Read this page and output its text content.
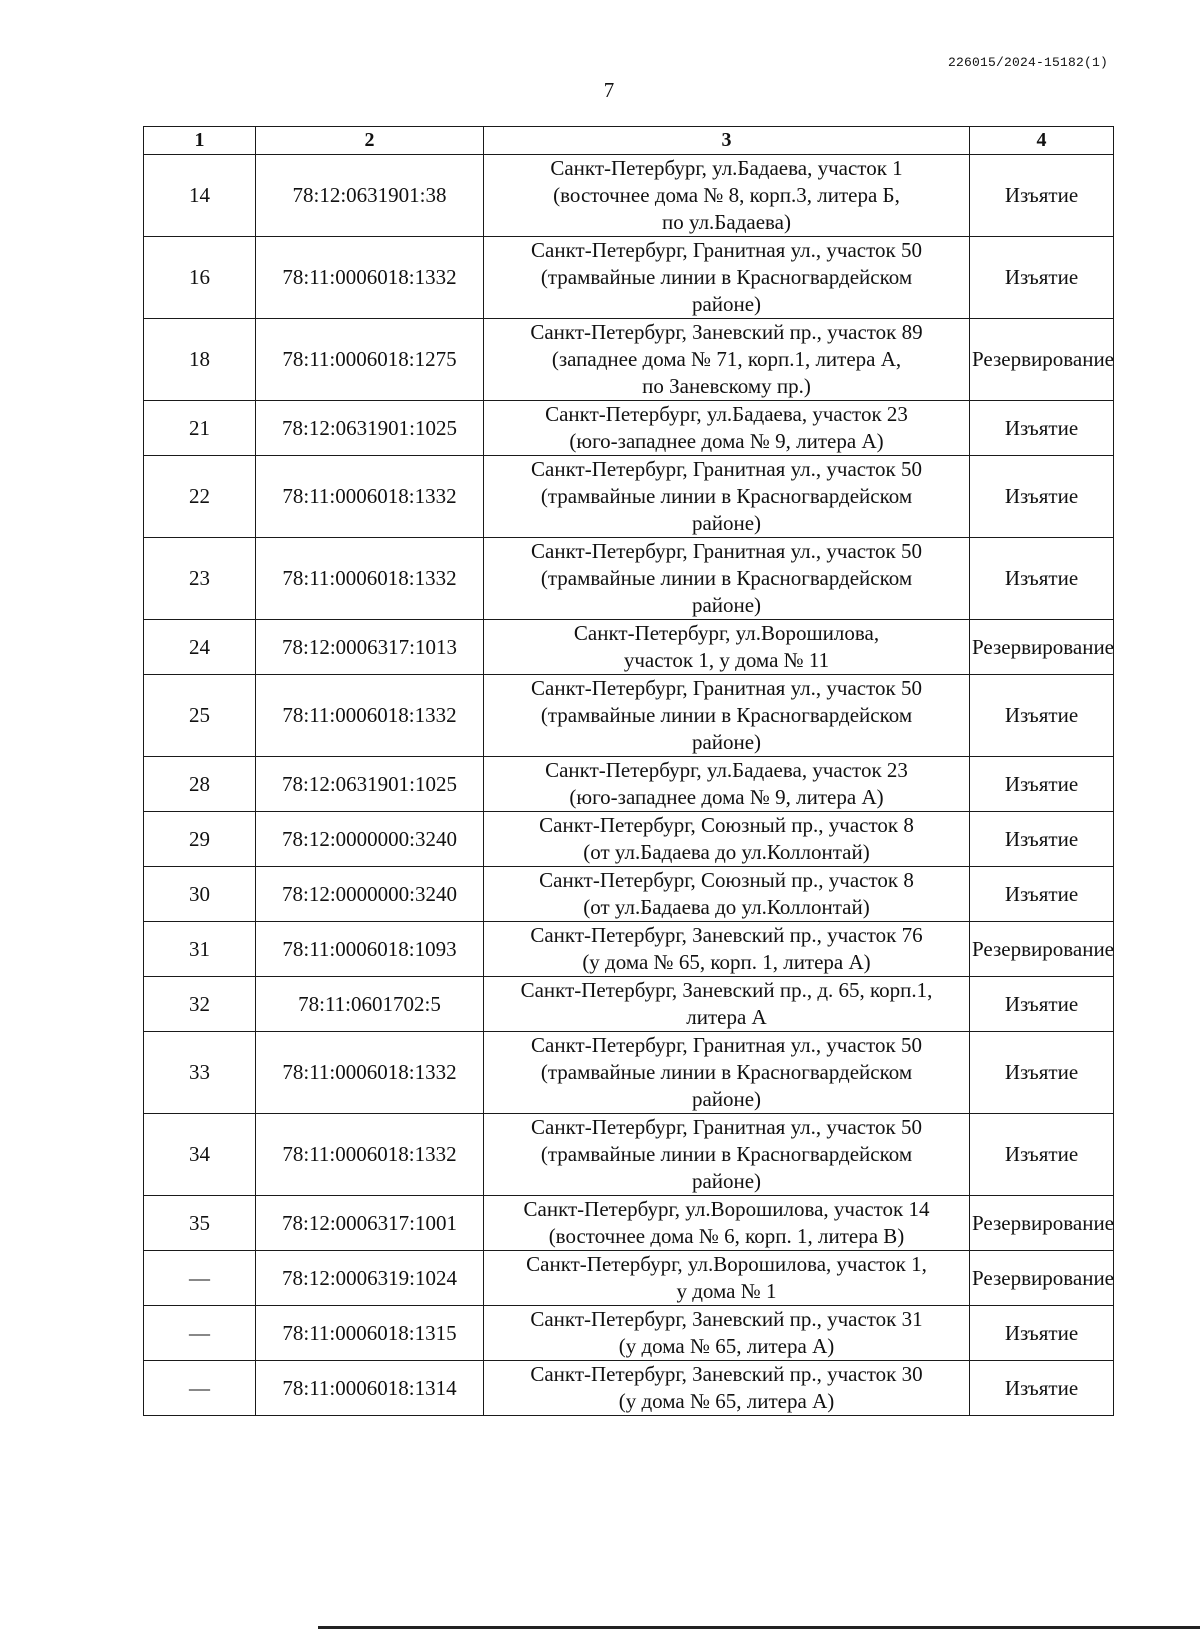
226015/2024-15182(1)
7
1	2	3	4
14	78:12:0631901:38	Санкт-Петербург, ул.Бадаева, участок 1
(восточнее дома № 8, корп.3, литера Б,
по ул.Бадаева)	Изъятие
16	78:11:0006018:1332	Санкт-Петербург, Гранитная ул., участок 50
(трамвайные линии в Красногвардейском
районе)	Изъятие
18	78:11:0006018:1275	Санкт-Петербург, Заневский пр., участок 89
(западнее дома № 71, корп.1, литера А,
по Заневскому пр.)	Резервирование
21	78:12:0631901:1025	Санкт-Петербург, ул.Бадаева, участок 23
(юго-западнее дома № 9, литера А)	Изъятие
22	78:11:0006018:1332	Санкт-Петербург, Гранитная ул., участок 50
(трамвайные линии в Красногвардейском
районе)	Изъятие
23	78:11:0006018:1332	Санкт-Петербург, Гранитная ул., участок 50
(трамвайные линии в Красногвардейском
районе)	Изъятие
24	78:12:0006317:1013	Санкт-Петербург, ул.Ворошилова,
участок 1, у дома № 11	Резервирование
25	78:11:0006018:1332	Санкт-Петербург, Гранитная ул., участок 50
(трамвайные линии в Красногвардейском
районе)	Изъятие
28	78:12:0631901:1025	Санкт-Петербург, ул.Бадаева, участок 23
(юго-западнее дома № 9, литера А)	Изъятие
29	78:12:0000000:3240	Санкт-Петербург, Союзный пр., участок 8
(от ул.Бадаева до ул.Коллонтай)	Изъятие
30	78:12:0000000:3240	Санкт-Петербург, Союзный пр., участок 8
(от ул.Бадаева до ул.Коллонтай)	Изъятие
31	78:11:0006018:1093	Санкт-Петербург, Заневский пр., участок 76
(у дома № 65, корп. 1, литера А)	Резервирование
32	78:11:0601702:5	Санкт-Петербург, Заневский пр., д. 65, корп.1,
литера А	Изъятие
33	78:11:0006018:1332	Санкт-Петербург, Гранитная ул., участок 50
(трамвайные линии в Красногвардейском
районе)	Изъятие
34	78:11:0006018:1332	Санкт-Петербург, Гранитная ул., участок 50
(трамвайные линии в Красногвардейском
районе)	Изъятие
35	78:12:0006317:1001	Санкт-Петербург, ул.Ворошилова, участок 14
(восточнее дома № 6, корп. 1, литера В)	Резервирование
—	78:12:0006319:1024	Санкт-Петербург, ул.Ворошилова, участок 1,
у дома № 1	Резервирование
—	78:11:0006018:1315	Санкт-Петербург, Заневский пр., участок 31
(у дома № 65, литера А)	Изъятие
—	78:11:0006018:1314	Санкт-Петербург, Заневский пр., участок 30
(у дома № 65, литера А)	Изъятие
